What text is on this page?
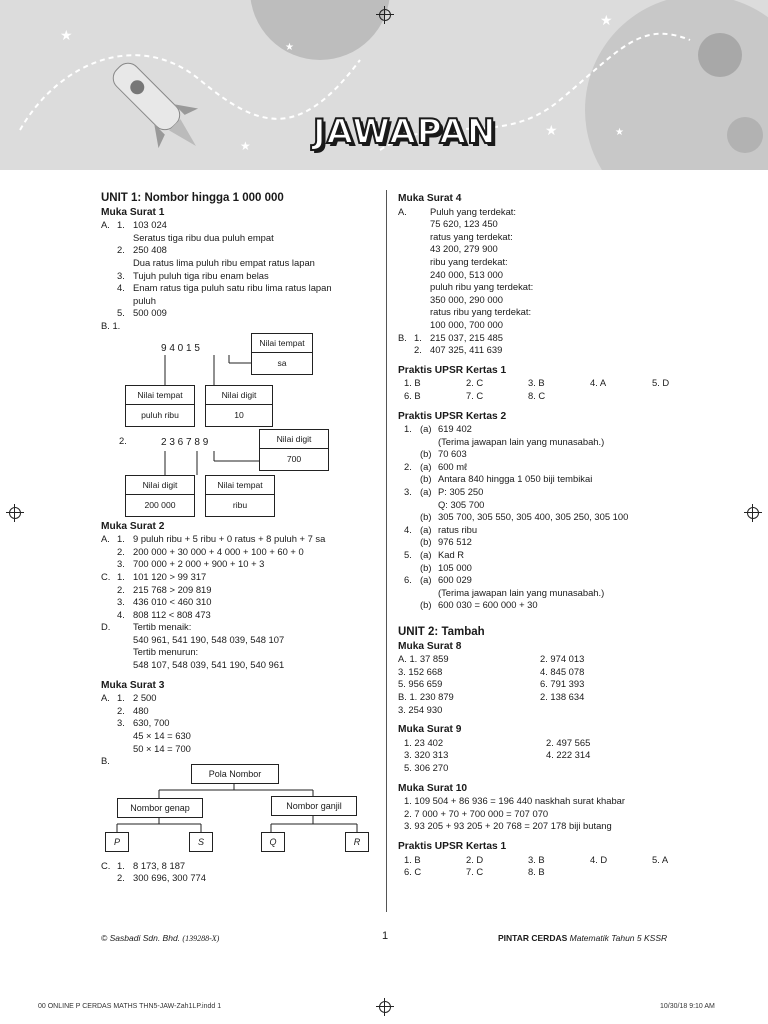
★
★
★
★
★
★
JAWAPAN
UNIT 1: Nombor hingga 1 000 000
Muka Surat 1
A. 1. 103 024
Seratus tiga ribu dua puluh empat
2. 250 408
Dua ratus lima puluh ribu empat ratus lapan
3. Tujuh puluh tiga ribu enam belas
4. Enam ratus tiga puluh satu ribu lima ratus lapan
puluh
5. 500 009
B. 1.
9 4 0 1 5	Nilai tempat
sa
Nilai tempat
puluh ribu
Nilai digit
10
2.	2 3 6 7 8 9	Nilai digit
700
Nilai digit
200 000
Nilai tempat
ribu
Muka Surat 2
A. 1. 9 puluh ribu + 5 ribu + 0 ratus + 8 puluh + 7 sa
2. 200 000 + 30 000 + 4 000 + 100 + 60 + 0
3. 700 000 + 2 000 + 900 + 10 + 3
C. 1. 101 120 > 99 317
2. 215 768 > 209 819
3. 436 010 < 460 310
4. 808 112 < 808 473
D. Tertib menaik:
540 961, 541 190, 548 039, 548 107
Tertib menurun:
548 107, 548 039, 541 190, 540 961
Muka Surat 3
A. 1. 2 500
2. 480
3. 630, 700
45 × 14 = 630
50 × 14 = 700
B.
Pola Nombor
Nombor genap	Nombor ganjil
P	S	Q	R
C. 1. 8 173, 8 187
2. 300 696, 300 774
Muka Surat 4
A. Puluh yang terdekat:
75 620, 123 450
ratus yang terdekat:
43 200, 279 900
ribu yang terdekat:
240 000, 513 000
puluh ribu yang terdekat:
350 000, 290 000
ratus ribu yang terdekat:
100 000, 700 000
B. 1. 215 037, 215 485
2. 407 325, 411 639
Praktis UPSR Kertas 1
1. B	2. C	3. B	4. A	5. D
6. B	7. C	8. C
Praktis UPSR Kertas 2
1. (a) 619 402
(Terima jawapan lain yang munasabah.)
(b) 70 603
2. (a) 600 mℓ
(b) Antara 840 hingga 1 050 biji tembikai
3. (a) P: 305 250
Q: 305 700
(b) 305 700, 305 550, 305 400, 305 250, 305 100
4. (a) ratus ribu
(b) 976 512
5. (a) Kad R
(b) 105 000
6. (a) 600 029
(Terima jawapan lain yang munasabah.)
(b) 600 030 = 600 000 + 30
UNIT 2: Tambah
Muka Surat 8
A. 1. 37 859	2. 974 013
3. 152 668	4. 845 078
5. 956 659	6. 791 393
B. 1. 230 879	2. 138 634
3. 254 930
Muka Surat 9
1. 23 402	2. 497 565
3. 320 313	4. 222 314
5. 306 270
Muka Surat 10
1. 109 504 + 86 936 = 196 440 naskhah surat khabar
2. 7 000 + 70 + 700 000 = 707 070
3. 93 205 + 93 205 + 20 768 = 207 178 biji butang
Praktis UPSR Kertas 1
1. B	2. D	3. B	4. D	5. A
6. C	7. C	8. B
© Sasbadi Sdn. Bhd. (139288-X)	1	PINTAR CERDAS Matematik Tahun 5 KSSR
00 ONLINE P CERDAS MATHS THN5-JAW-Zah1LP.indd 1	10/30/18 9:10 AM
